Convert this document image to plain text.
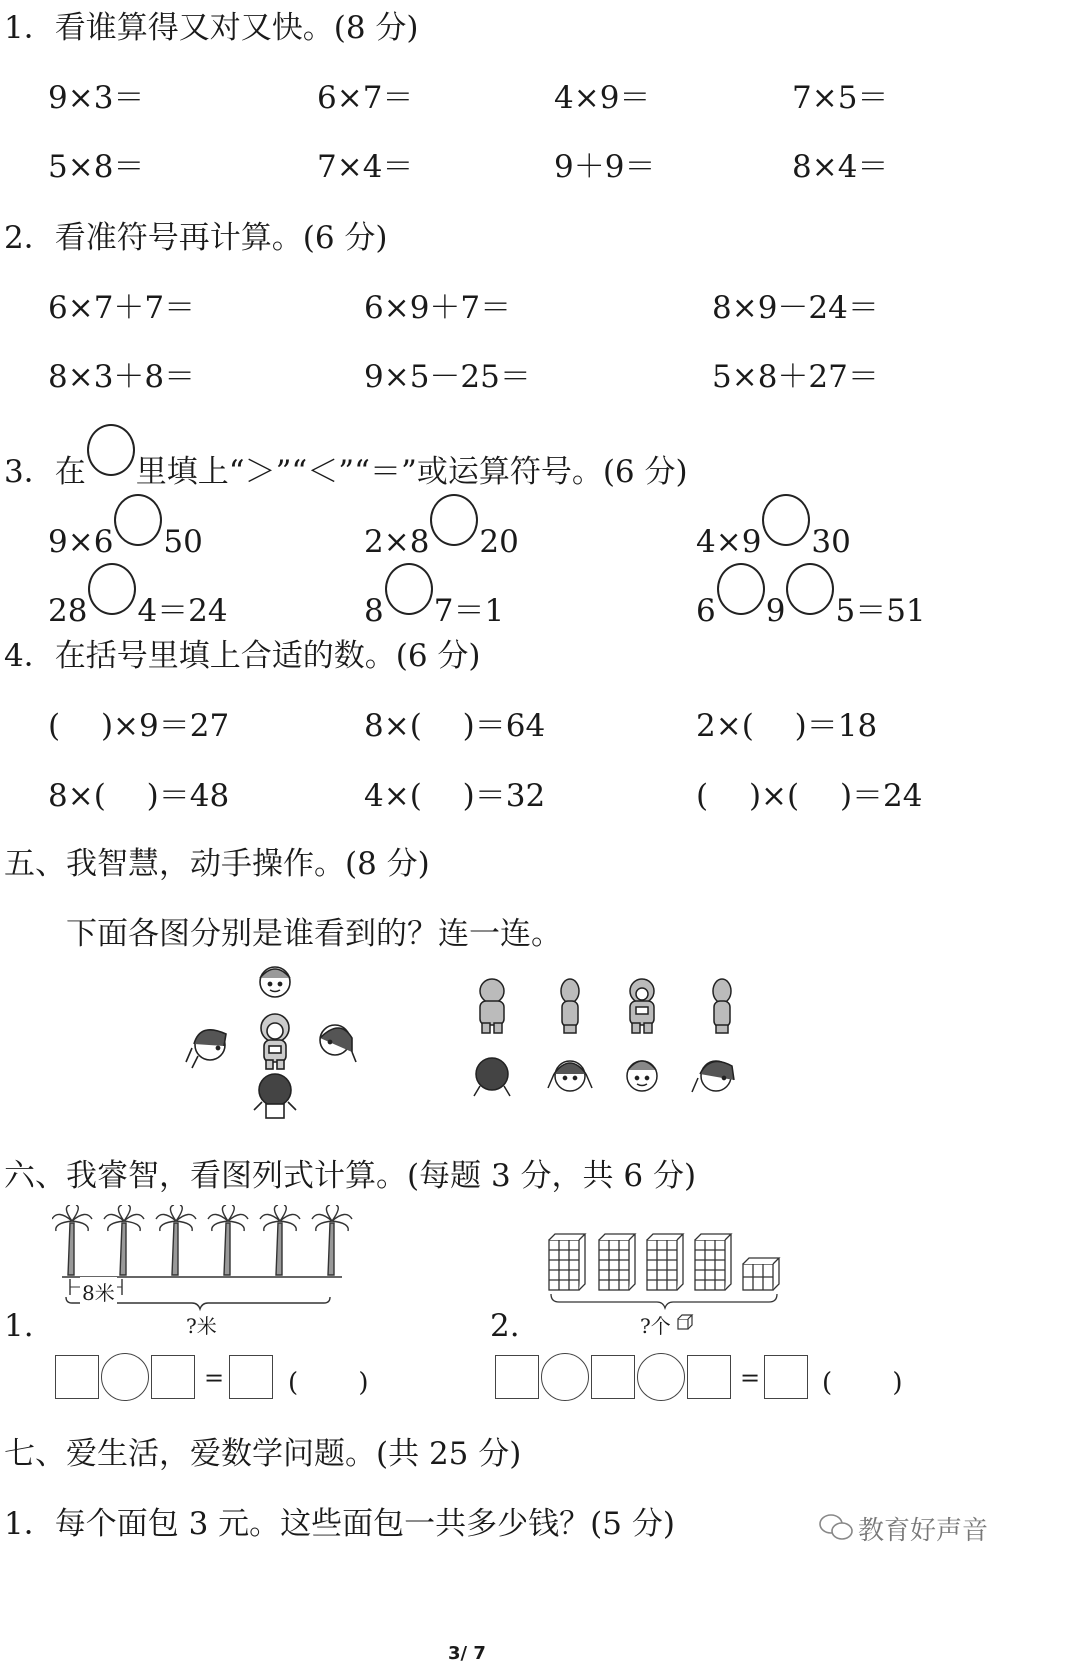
1．看谁算得又对又快。(8 分)
9×3＝	6×7＝	4×9＝	7×5＝
5×8＝	7×4＝	9＋9＝	8×4＝
2．看准符号再计算。(6 分)
6×7＋7＝	6×9＋7＝	8×9－24＝
8×3＋8＝	9×5－25＝	5×8＋27＝
3．在 里填上“＞”“＜”“＝”或运算符号。(6 分)
9×6 50	2×8 20	4×9 30
28 4＝24	8 7＝1	6 9 5＝51
4．在括号里填上合适的数。(6 分)
(　 )×9＝27	8×(　 )＝64	2×(　 )＝18
8×(　 )＝48	4×(　 )＝32	(　 )×(　 )＝24
五、我智慧，动手操作。(8 分)
下面各图分别是谁看到的？连一连。
六、我睿智，看图列式计算。(每题 3 分，共 6 分)
8米
?米
1.	?个
2.
= (　　 )	= (　　 )
七、爱生活，爱数学问题。(共 25 分)
1．每个面包 3 元。这些面包一共多少钱？(5 分)	教育好声音
3/ 7
